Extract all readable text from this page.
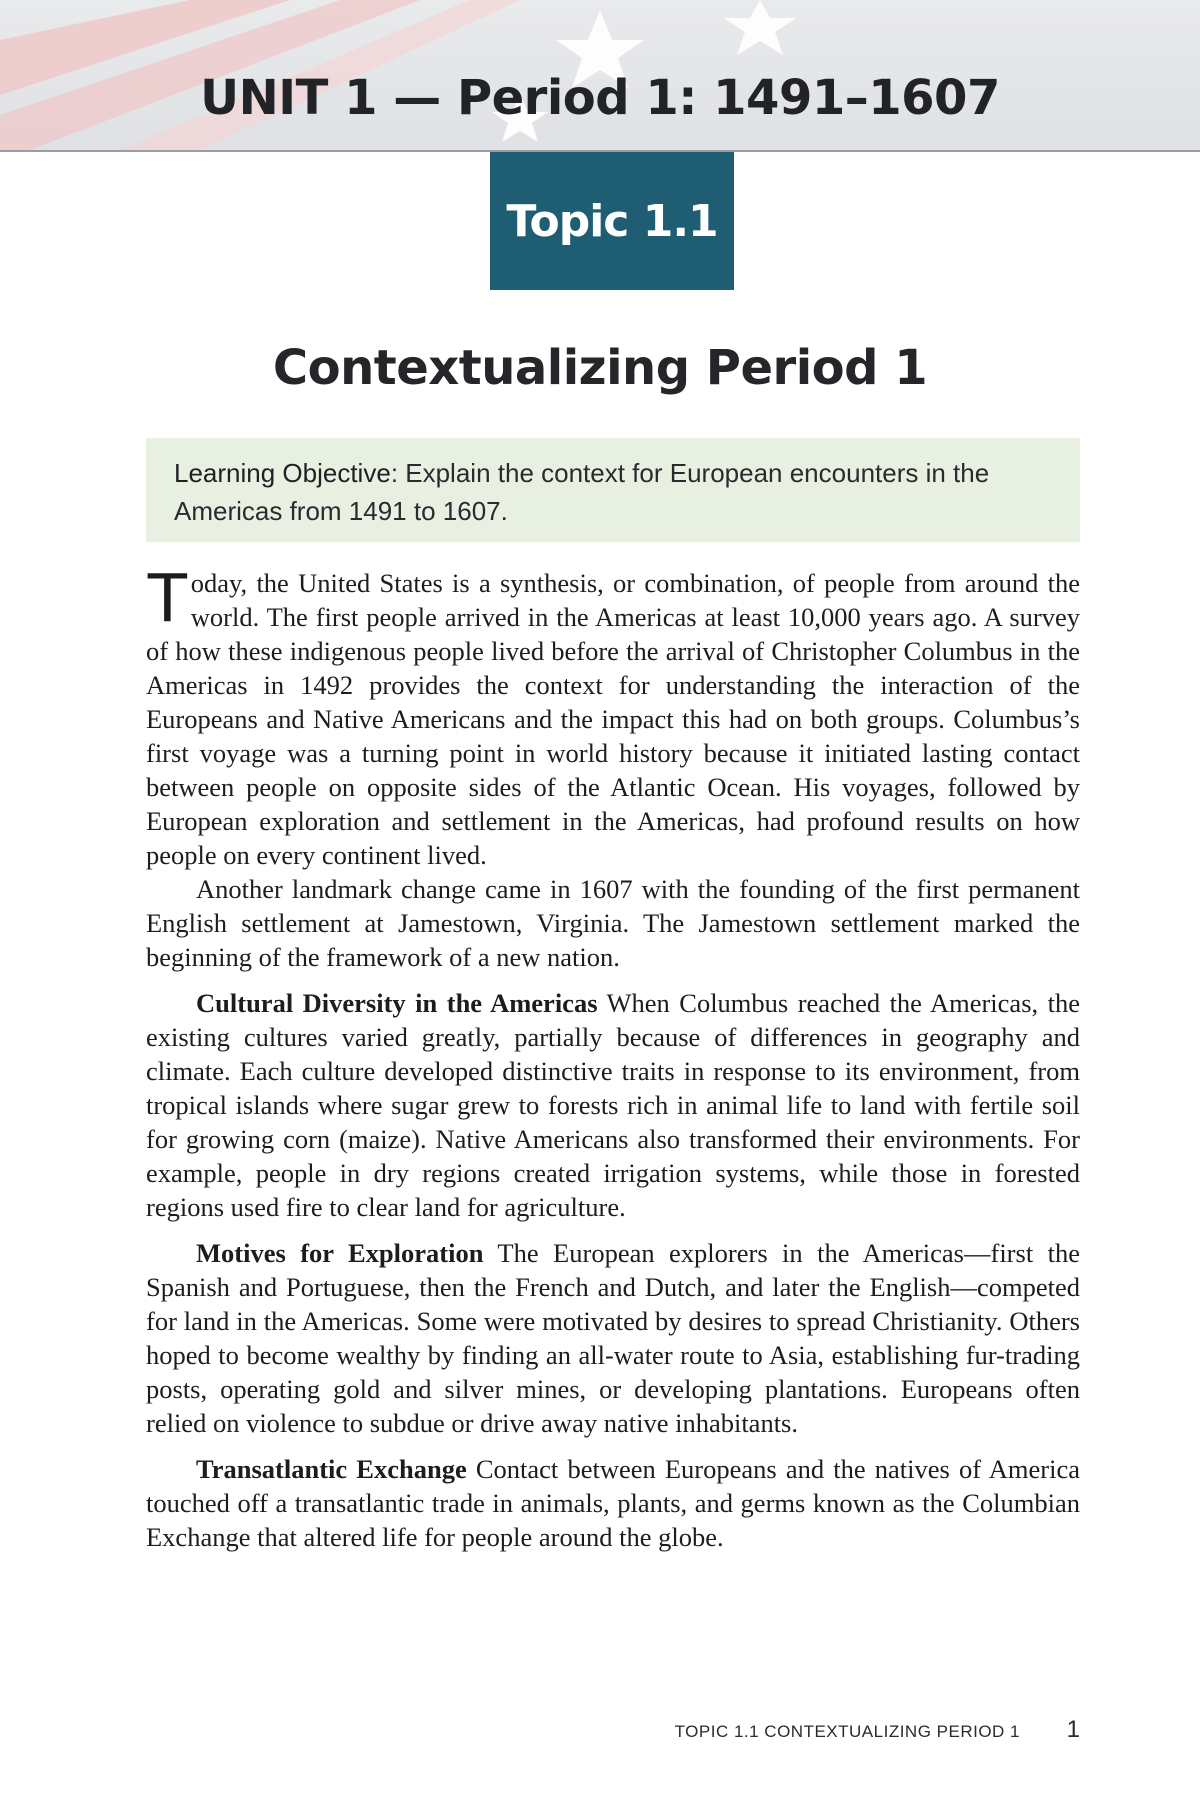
UNIT 1 — Period 1: 1491–1607
Topic 1.1
Contextualizing Period 1
Learning Objective: Explain the context for European encounters in the Americas from 1491 to 1607.

Today, the United States is a synthesis, or combination, of people from around the world. The first people arrived in the Americas at least 10,000 years ago. A survey of how these indigenous people lived before the arrival of Christopher Columbus in the Americas in 1492 provides the context for understanding the interaction of the Europeans and Native Americans and the impact this had on both groups. Columbus’s first voyage was a turning point in world history because it initiated lasting contact between people on opposite sides of the Atlantic Ocean. His voyages, followed by European exploration and settlement in the Americas, had profound results on how people on every continent lived.

Another landmark change came in 1607 with the founding of the first permanent English settlement at Jamestown, Virginia. The Jamestown settlement marked the beginning of the framework of a new nation.

Cultural Diversity in the Americas When Columbus reached the Americas, the existing cultures varied greatly, partially because of differences in geography and climate. Each culture developed distinctive traits in response to its environment, from tropical islands where sugar grew to forests rich in animal life to land with fertile soil for growing corn (maize). Native Americans also transformed their environments. For example, people in dry regions created irrigation systems, while those in forested regions used fire to clear land for agriculture.

Motives for Exploration The European explorers in the Americas—first the Spanish and Portuguese, then the French and Dutch, and later the English—competed for land in the Americas. Some were motivated by desires to spread Christianity. Others hoped to become wealthy by finding an all-water route to Asia, establishing fur-trading posts, operating gold and silver mines, or developing plantations. Europeans often relied on violence to subdue or drive away native inhabitants.

Transatlantic Exchange Contact between Europeans and the natives of America touched off a transatlantic trade in animals, plants, and germs known as the Columbian Exchange that altered life for people around the globe.

TOPIC 1.1 CONTEXTUALIZING PERIOD 1 1
